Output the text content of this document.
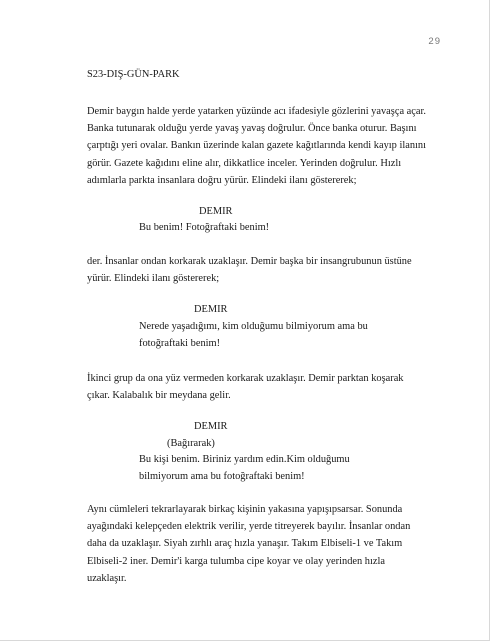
29
S23-DIŞ-GÜN-PARK

Demir baygın halde yerde yatarken yüzünde acı ifadesiyle gözlerini yavaşça açar. Banka tutunarak olduğu yerde yavaş yavaş doğrulur. Önce banka oturur. Başını çarptığı yeri ovalar. Bankın üzerinde kalan gazete kağıtlarında kendi kayıp ilanını görür. Gazete kağıdını eline alır, dikkatlice inceler. Yerinden doğrulur. Hızlı adımlarla parkta insanlara doğru yürür. Elindeki ilanı göstererek;

DEMIR

Bu benim! Fotoğraftaki benim!

der. İnsanlar ondan korkarak uzaklaşır. Demir başka bir insangrubunun üstüne yürür. Elindeki ilanı göstererek;

DEMIR

Nerede yaşadığımı, kim olduğumu bilmiyorum ama bu fotoğraftaki benim!

İkinci grup da ona yüz vermeden korkarak uzaklaşır. Demir parktan koşarak çıkar. Kalabalık bir meydana gelir.

DEMIR

(Bağırarak)

Bu kişi benim. Biriniz yardım edin.Kim olduğumu bilmiyorum ama bu fotoğraftaki benim!

Aynı cümleleri tekrarlayarak birkaç kişinin yakasına yapışıpsarsar. Sonunda ayağındaki kelepçeden elektrik verilir, yerde titreyerek bayılır. İnsanlar ondan daha da uzaklaşır. Siyah zırhlı araç hızla yanaşır. Takım Elbiseli-1 ve Takım Elbiseli-2 iner. Demir'i karga tulumba cipe koyar ve olay yerinden hızla uzaklaşır.
